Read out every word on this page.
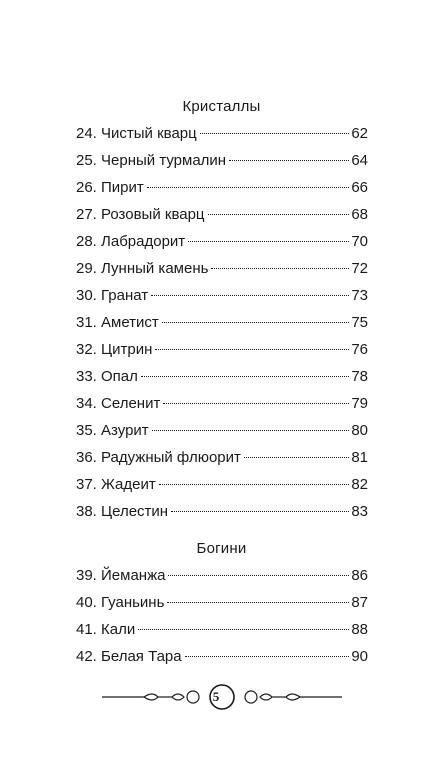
Кристаллы
24. Чистый кварц	62
25. Черный турмалин	64
26. Пирит	66
27. Розовый кварц	68
28. Лабрадорит	70
29. Лунный камень	72
30. Гранат	73
31. Аметист	75
32. Цитрин	76
33. Опал	78
34. Селенит	79
35. Азурит	80
36. Радужный флюорит	81
37. Жадеит	82
38. Целестин	83
Богини
39. Йеманжа	86
40. Гуаньинь	87
41. Кали	88
42. Белая Тара	90
5
